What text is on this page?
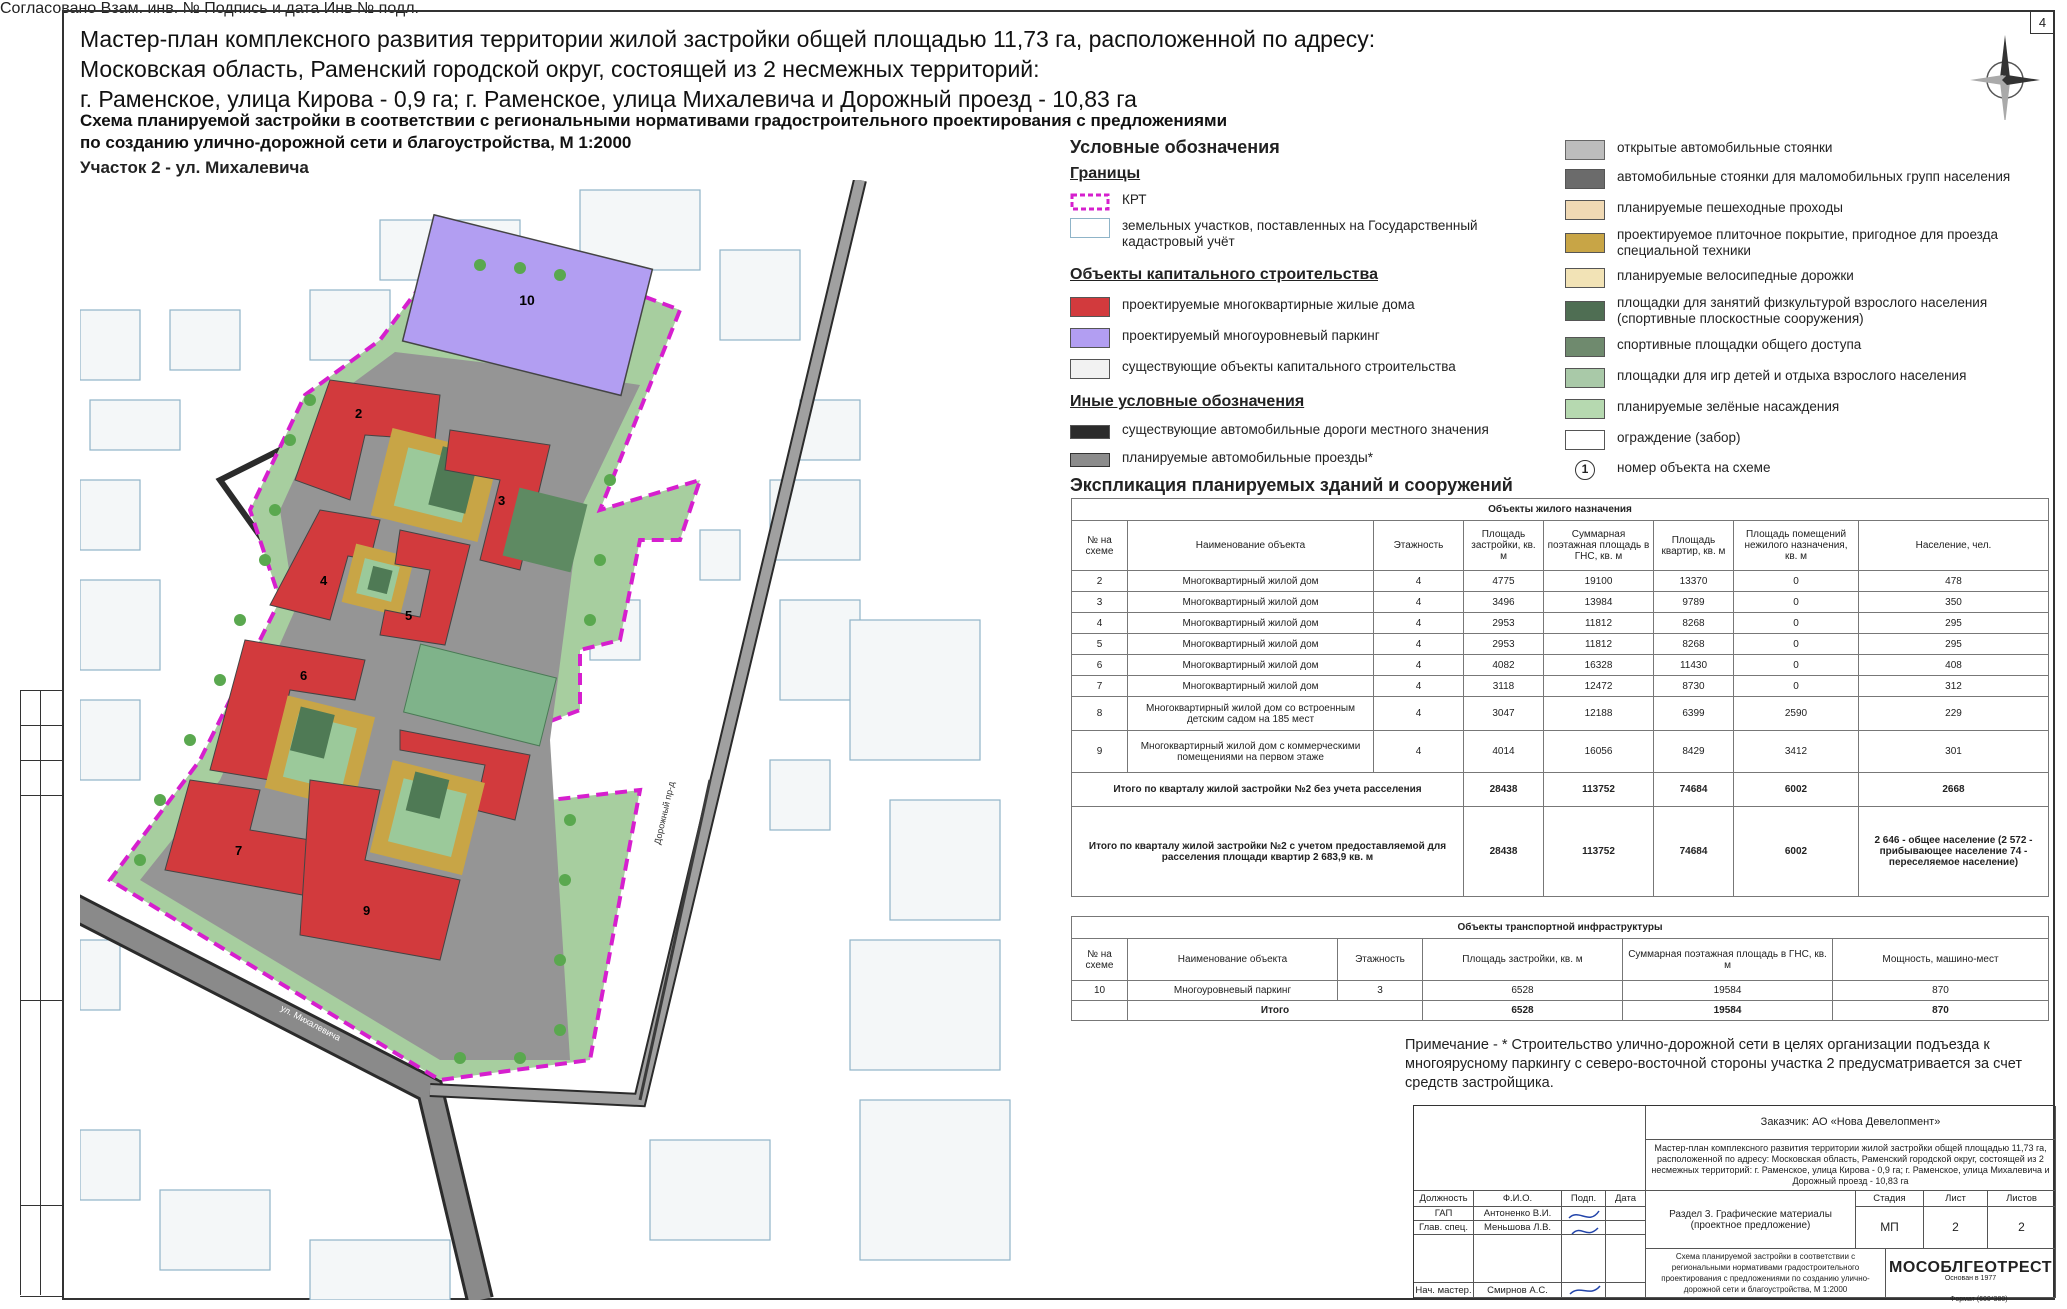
4
Согласовано Взам. инв. № Подпись и дата Инв № подл.
Мастер-план комплексного развития территории жилой застройки общей площадью 11,73 га, расположенной по адресу:
Московская область, Раменский городской округ, состоящей из 2 несмежных территорий:
г. Раменское, улица Кирова - 0,9 га; г. Раменское, улица Михалевича и Дорожный проезд - 10,83 га
Схема планируемой застройки в соответствии с региональными нормативами градостроительного проектирования с предложениями
по созданию улично-дорожной сети и благоустройства, М 1:2000
Участок 2 - ул. Михалевича
10
2
3
4
5
6
7
9
ул. Михалевича
Дорожный пр-д
Условные обозначения
Границы
КРТ
земельных участков, поставленных на Государственный кадастровый учёт
Объекты капитального строительства
проектируемые многоквартирные жилые дома
проектируемый многоуровневый паркинг
существующие объекты капитального строительства
Иные условные обозначения
существующие автомобильные дороги местного значения
планируемые автомобильные проезды*
открытые автомобильные стоянки
автомобильные стоянки для маломобильных групп населения
планируемые пешеходные проходы
проектируемое плиточное покрытие, пригодное для проезда специальной техники
планируемые велосипедные дорожки
площадки для занятий физкультурой взрослого населения (спортивные плоскостные сооружения)
спортивные площадки общего доступа
площадки для игр детей и отдыха взрослого населения
планируемые зелёные насаждения
ограждение (забор)
1	номер объекта на схеме
Экспликация планируемых зданий и сооружений
Объекты жилого назначения							
№ на схеме	Наименование объекта	Этажность	Площадь застройки, кв. м	Суммарная поэтажная площадь в ГНС, кв. м	Площадь квартир, кв. м	Площадь помещений нежилого назначения, кв. м	Население, чел.
2	Многоквартирный жилой дом	4	4775	19100	13370	0	478
3	Многоквартирный жилой дом	4	3496	13984	9789	0	350
4	Многоквартирный жилой дом	4	2953	11812	8268	0	295
5	Многоквартирный жилой дом	4	2953	11812	8268	0	295
6	Многоквартирный жилой дом	4	4082	16328	11430	0	408
7	Многоквартирный жилой дом	4	3118	12472	8730	0	312
8	Многоквартирный жилой дом со встроенным детским садом на 185 мест	4	3047	12188	6399	2590	229
9	Многоквартирный жилой дом с коммерческими помещениями на первом этаже	4	4014	16056	8429	3412	301
Итого по кварталу жилой застройки №2 без учета расселения			28438	113752	74684	6002	2668
Итого по кварталу жилой застройки №2 с учетом предоставляемой для расселения площади квартир 2 683,9 кв. м			28438	113752	74684	6002	2 646 - общее население (2 572 - прибывающее население 74 - переселяемое население)
Объекты транспортной инфраструктуры					
№ на схеме	Наименование объекта	Этажность	Площадь застройки, кв. м	Суммарная поэтажная площадь в ГНС, кв. м	Мощность, машино-мест
10	Многоуровневый паркинг	3	6528	19584	870
	Итого		6528	19584	870
Примечание - * Строительство улично-дорожной сети в целях организации подъезда к многоярусному паркингу с северо-восточной стороны участка 2 предусматривается за счет средств застройщика.
Заказчик: АО «Нова Девелопмент»
Мастер-план комплексного развития территории жилой застройки общей площадью 11,73 га, расположенной по адресу: Московская область, Раменский городской округ, состоящей из 2 несмежных территорий: г. Раменское, улица Кирова - 0,9 га; г. Раменское, улица Михалевича и Дорожный проезд - 10,83 га
Должность	Ф.И.О.	Подп.	Дата
ГАП	Антоненко В.И.
Глав. спец.	Меньшова Л.В.
Нач. мастер.	Смирнов А.С.
Раздел 3. Графические материалы (проектное предложение)
Стадия	Лист	Листов
МП	2	2
Схема планируемой застройки в соответствии с региональными нормативами градостроительного проектирования с предложениями по созданию улично-дорожной сети и благоустройства, М 1:2000
МОСОБЛГЕОТРЕСТ
Основан в 1977
Формат (600*380)
